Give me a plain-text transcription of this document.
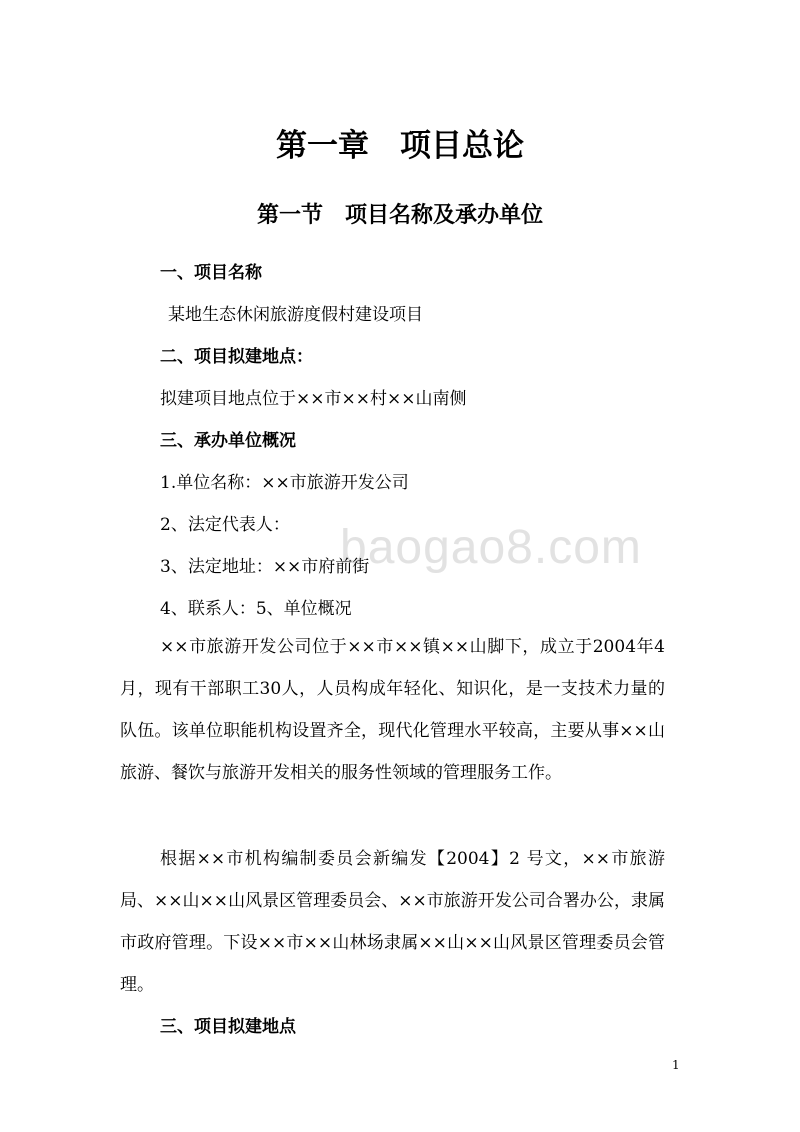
baogao8.com
第一章　项目总论
第一节　项目名称及承办单位
一、项目名称
某地生态休闲旅游度假村建设项目
二、项目拟建地点：
拟建项目地点位于××市××村××山南侧
三、承办单位概况
1.单位名称：××市旅游开发公司
2、法定代表人：
3、法定地址：××市府前街
4、联系人：5、单位概况
××市旅游开发公司位于××市××镇××山脚下，成立于2004年4月，现有干部职工30人，人员构成年轻化、知识化，是一支技术力量的队伍。该单位职能机构设置齐全，现代化管理水平较高，主要从事××山旅游、餐饮与旅游开发相关的服务性领域的管理服务工作。
根据××市机构编制委员会新编发【2004】2 号文，××市旅游局、××山××山风景区管理委员会、××市旅游开发公司合署办公，隶属市政府管理。下设××市××山林场隶属××山××山风景区管理委员会管理。
三、项目拟建地点
1
